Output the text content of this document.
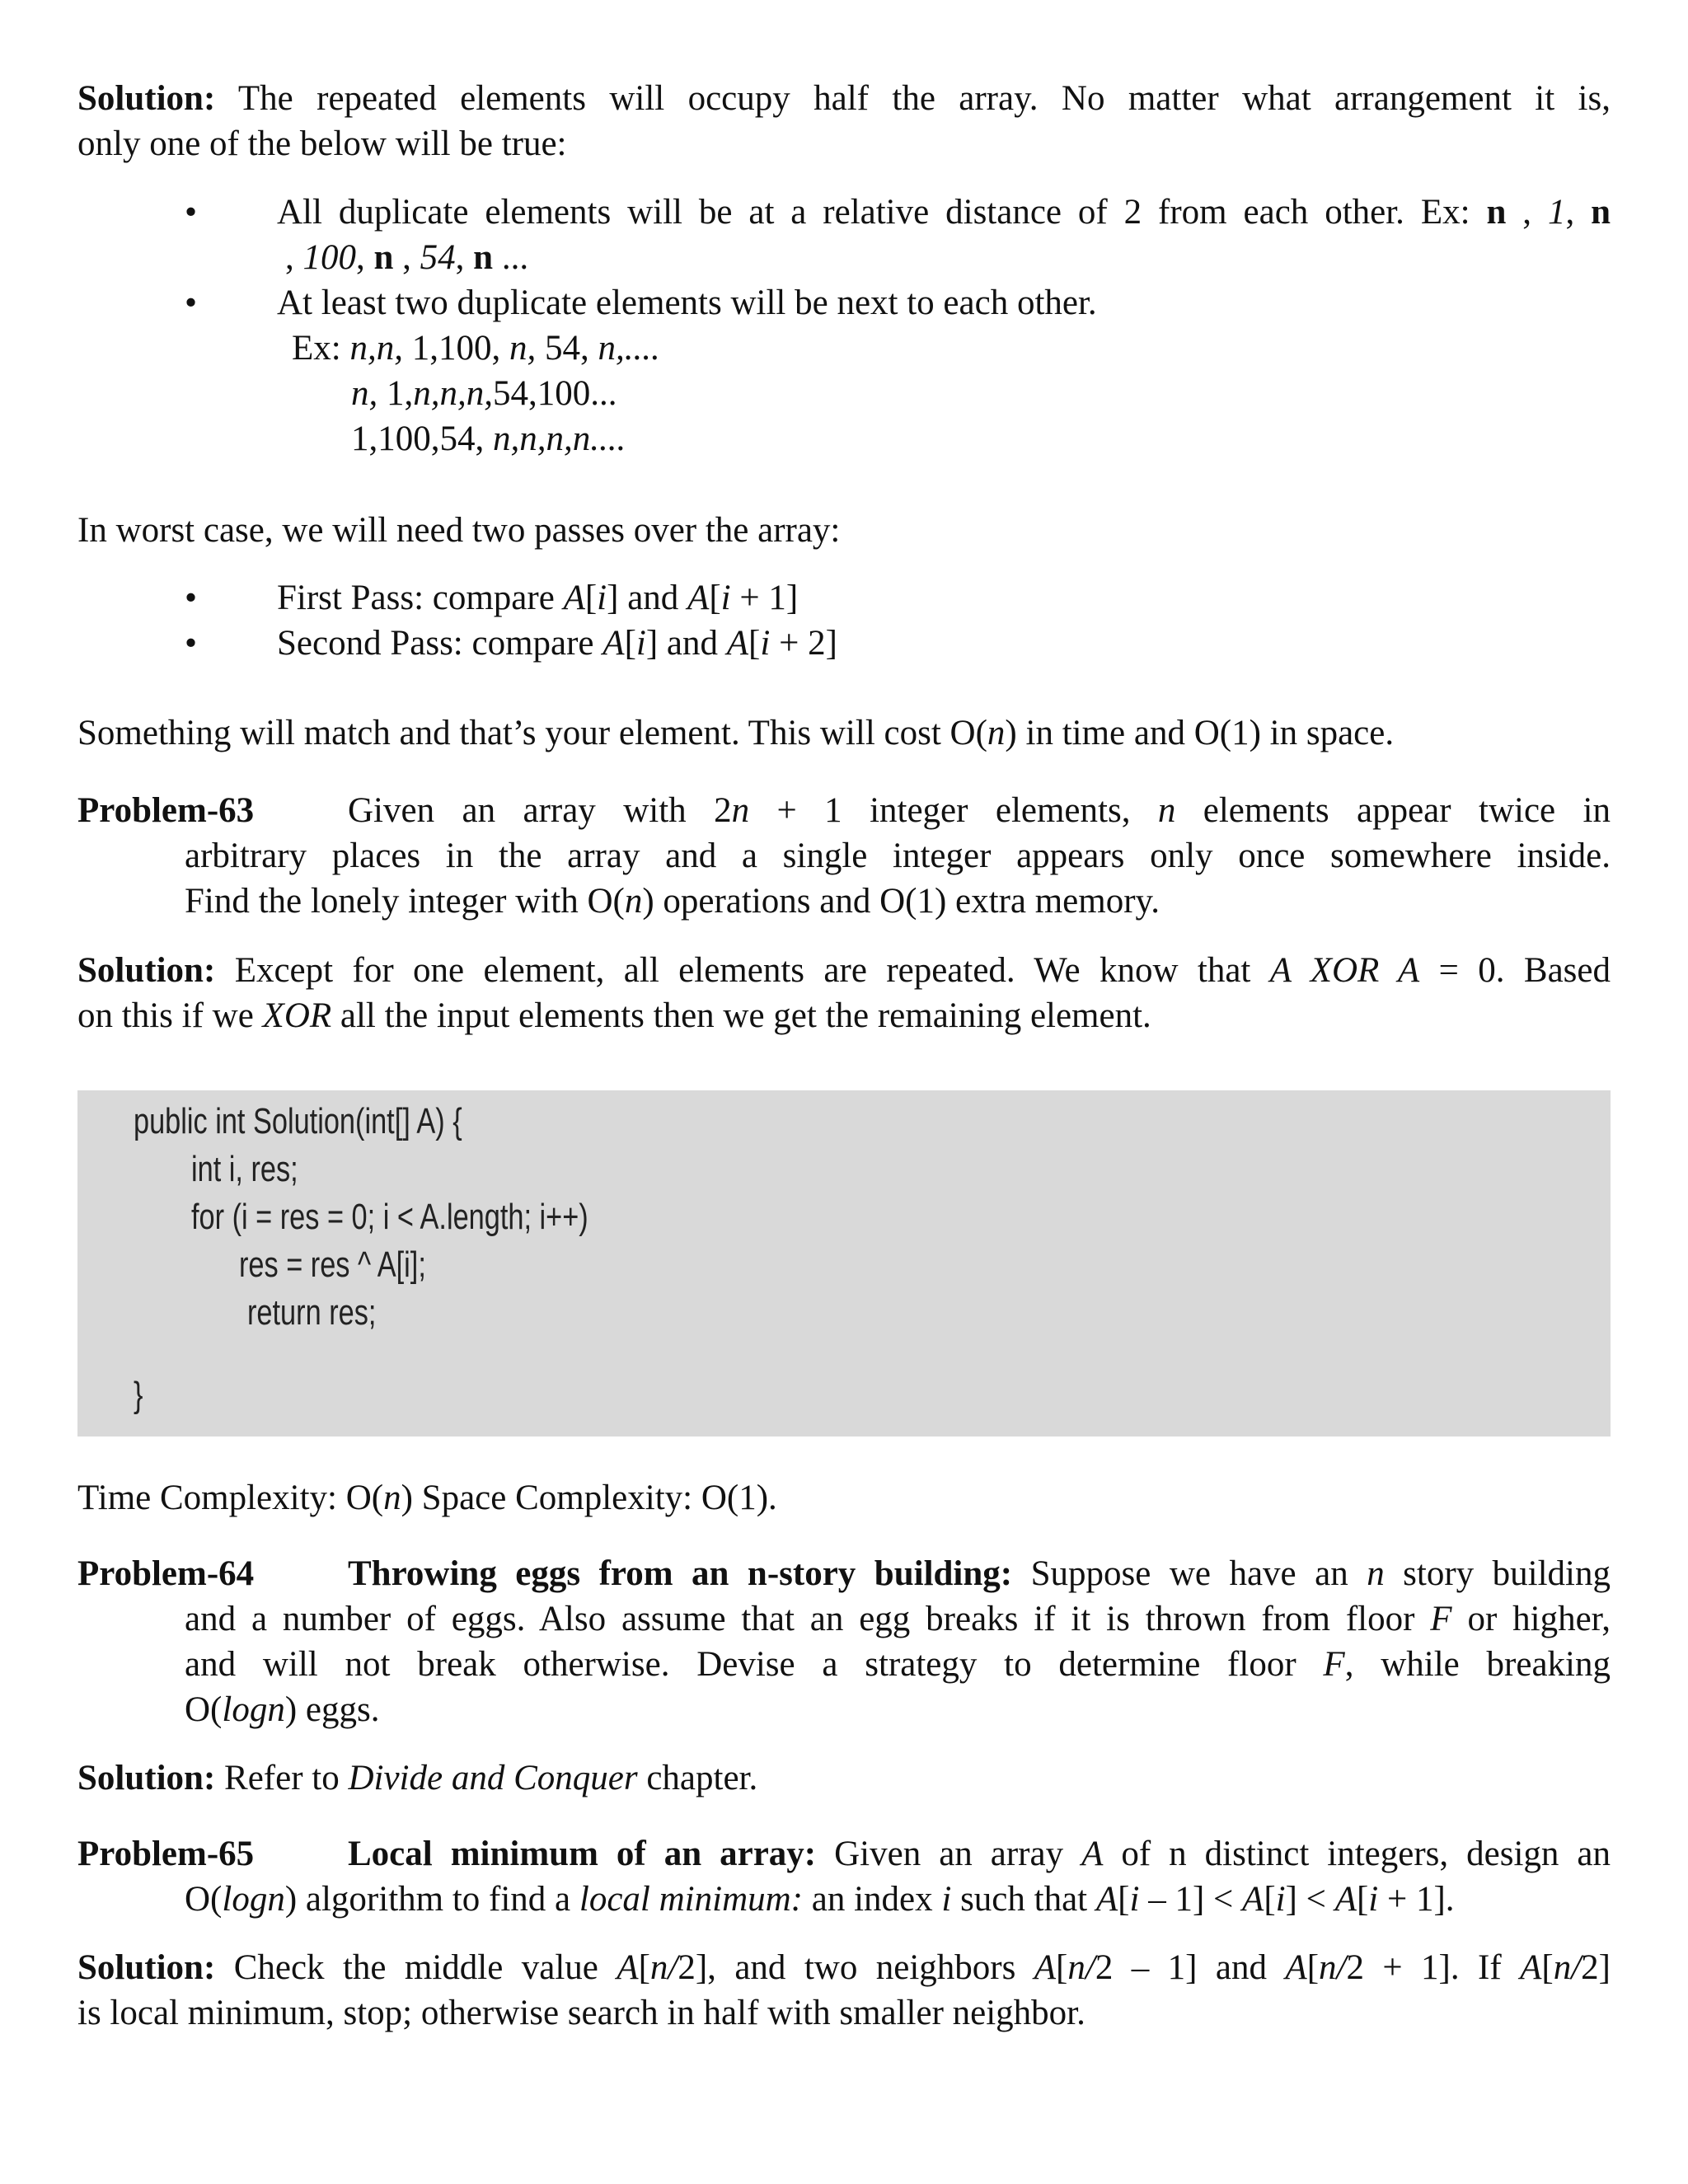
Solution: The repeated elements will occupy half the array. No matter what arrangement it is,
only one of the below will be true:
• All duplicate elements will be at a relative distance of 2 from each other. Ex: n , 1, n
, 100, n , 54, n ...
• At least two duplicate elements will be next to each other.
Ex: n,n, 1,100, n, 54, n,....
n, 1,n,n,n,54,100...
1,100,54, n,n,n,n....
In worst case, we will need two passes over the array:
• First Pass: compare A[i] and A[i + 1]
• Second Pass: compare A[i] and A[i + 2]
Something will match and that’s your element. This will cost O(n) in time and O(1) in space.
Problem-63	Given an array with 2n + 1 integer elements, n elements appear twice in
arbitrary places in the array and a single integer appears only once somewhere inside.
Find the lonely integer with O(n) operations and O(1) extra memory.
Solution: Except for one element, all elements are repeated. We know that A XOR A = 0. Based
on this if we XOR all the input elements then we get the remaining element.
public int Solution(int[] A) {
int i, res;
for (i = res = 0; i < A.length; i++)
res = res ^ A[i];
return res;
}
Time Complexity: O(n) Space Complexity: O(1).
Problem-64	Throwing eggs from an n-story building: Suppose we have an n story building
and a number of eggs. Also assume that an egg breaks if it is thrown from floor F or higher,
and will not break otherwise. Devise a strategy to determine floor F, while breaking
O(logn) eggs.
Solution: Refer to Divide and Conquer chapter.
Problem-65	Local minimum of an array: Given an array A of n distinct integers, design an
O(logn) algorithm to find a local minimum: an index i such that A[i – 1] < A[i] < A[i + 1].
Solution: Check the middle value A[n/2], and two neighbors A[n/2 – 1] and A[n/2 + 1]. If A[n/2]
is local minimum, stop; otherwise search in half with smaller neighbor.
